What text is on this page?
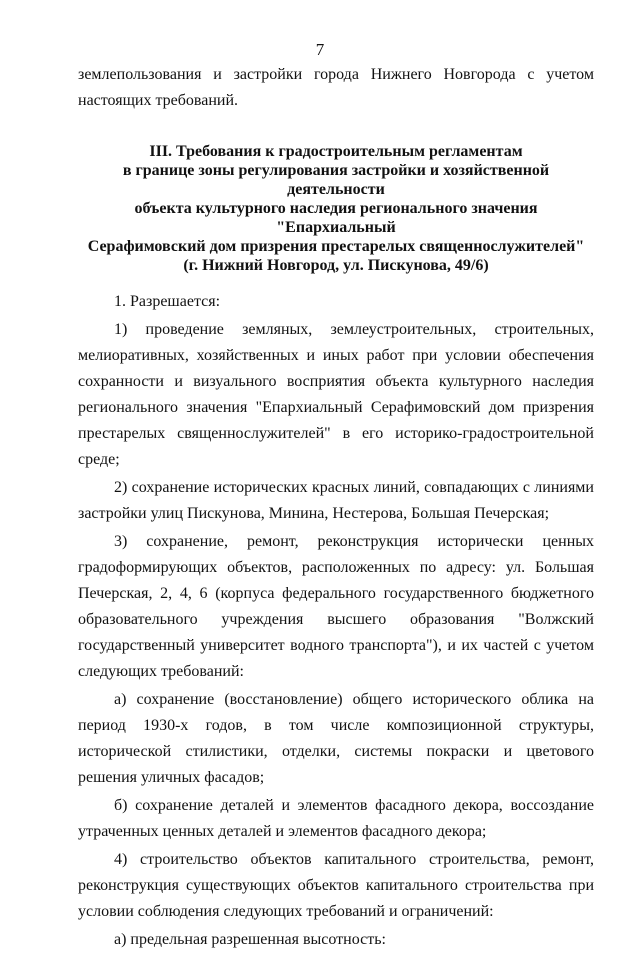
7

землепользования и застройки города Нижнего Новгорода с учетом настоящих требований.

III. Требования к градостроительным регламентам
в границе зоны регулирования застройки и хозяйственной деятельности
объекта культурного наследия регионального значения "Епархиальный
Серафимовский дом призрения престарелых священнослужителей"
(г. Нижний Новгород, ул. Пискунова, 49/6)

1. Разрешается:

1) проведение земляных, землеустроительных, строительных, мелиоративных, хозяйственных и иных работ при условии обеспечения сохранности и визуального восприятия объекта культурного наследия регионального значения "Епархиальный Серафимовский дом призрения престарелых священнослужителей" в его историко-градостроительной среде;

2) сохранение исторических красных линий, совпадающих с линиями застройки улиц Пискунова, Минина, Нестерова, Большая Печерская;

3) сохранение, ремонт, реконструкция исторически ценных градоформирующих объектов, расположенных по адресу: ул. Большая Печерская, 2, 4, 6 (корпуса федерального государственного бюджетного образовательного учреждения высшего образования "Волжский государственный университет водного транспорта"), и их частей с учетом следующих требований:

а) сохранение (восстановление) общего исторического облика на период 1930-х годов, в том числе композиционной структуры, исторической стилистики, отделки, системы покраски и цветового решения уличных фасадов;

б) сохранение деталей и элементов фасадного декора, воссоздание утраченных ценных деталей и элементов фасадного декора;

4) строительство объектов капитального строительства, ремонт, реконструкция существующих объектов капитального строительства при условии соблюдения следующих требований и ограничений:

а) предельная разрешенная высотность:
